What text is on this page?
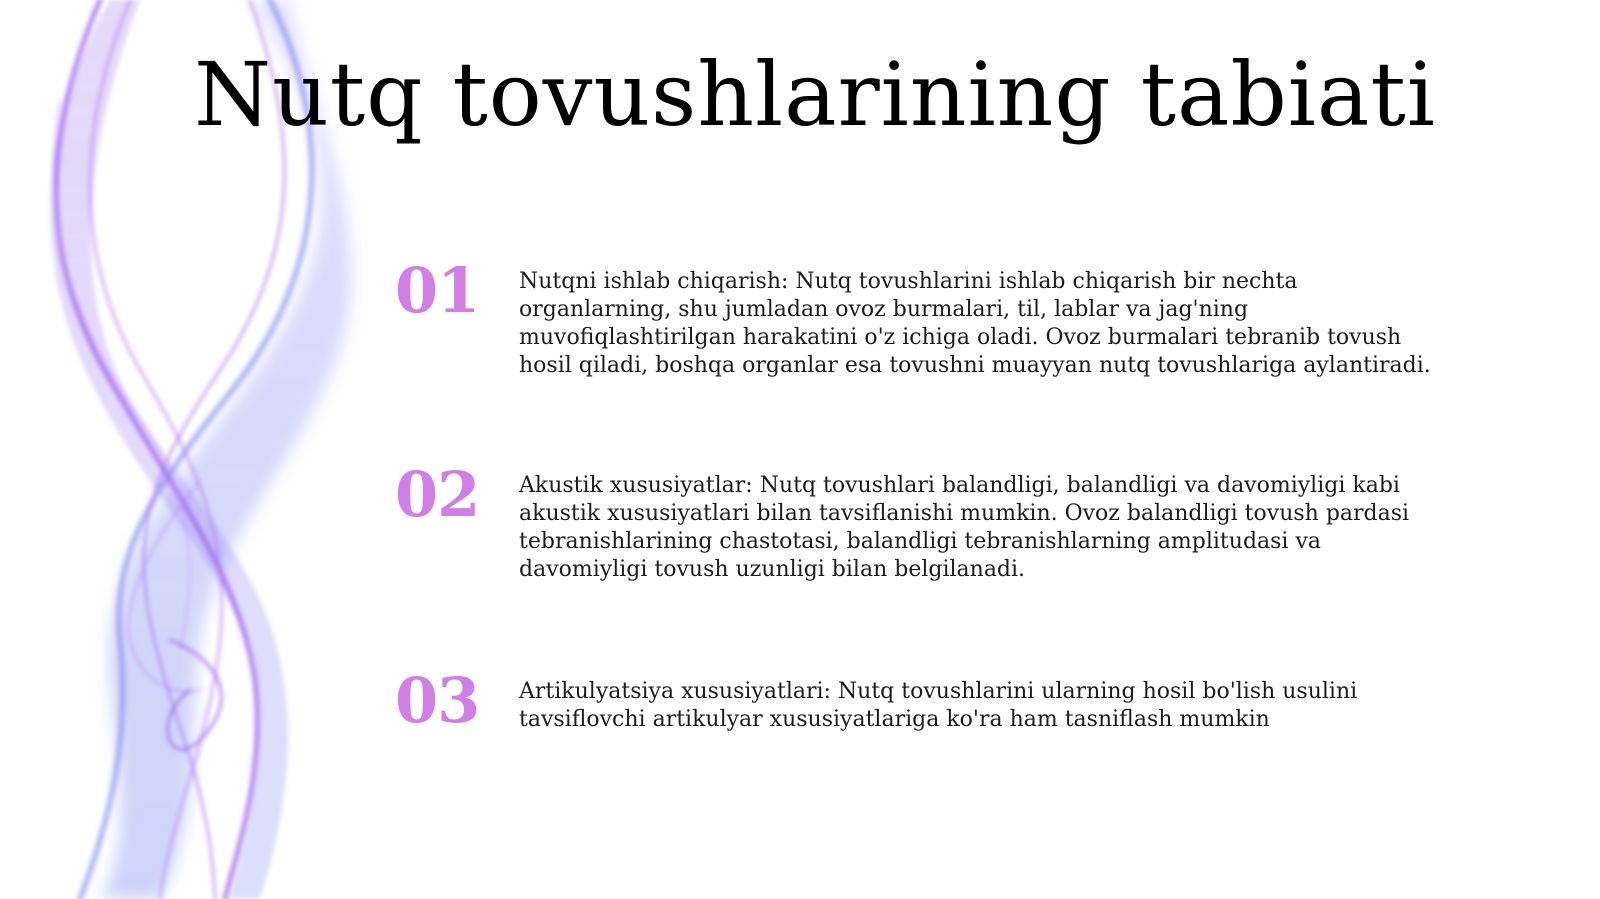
Nutq tovushlarining tabiati
01 Nutqni ishlab chiqarish: Nutq tovushlarini ishlab chiqarish bir nechta organlarning, shu jumladan ovoz burmalari, til, lablar va jag'ning muvofiqlashtirilgan harakatini o'z ichiga oladi. Ovoz burmalari tebranib tovush hosil qiladi, boshqa organlar esa tovushni muayyan nutq tovushlariga aylantiradi.

02 Akustik xususiyatlar: Nutq tovushlari balandligi, balandligi va davomiyligi kabi akustik xususiyatlari bilan tavsiflanishi mumkin. Ovoz balandligi tovush pardasi tebranishlarining chastotasi, balandligi tebranishlarning amplitudasi va davomiyligi tovush uzunligi bilan belgilanadi.

03 Artikulyatsiya xususiyatlari: Nutq tovushlarini ularning hosil bo'lish usulini tavsiflovchi artikulyar xususiyatlariga ko'ra ham tasniflash mumkin
